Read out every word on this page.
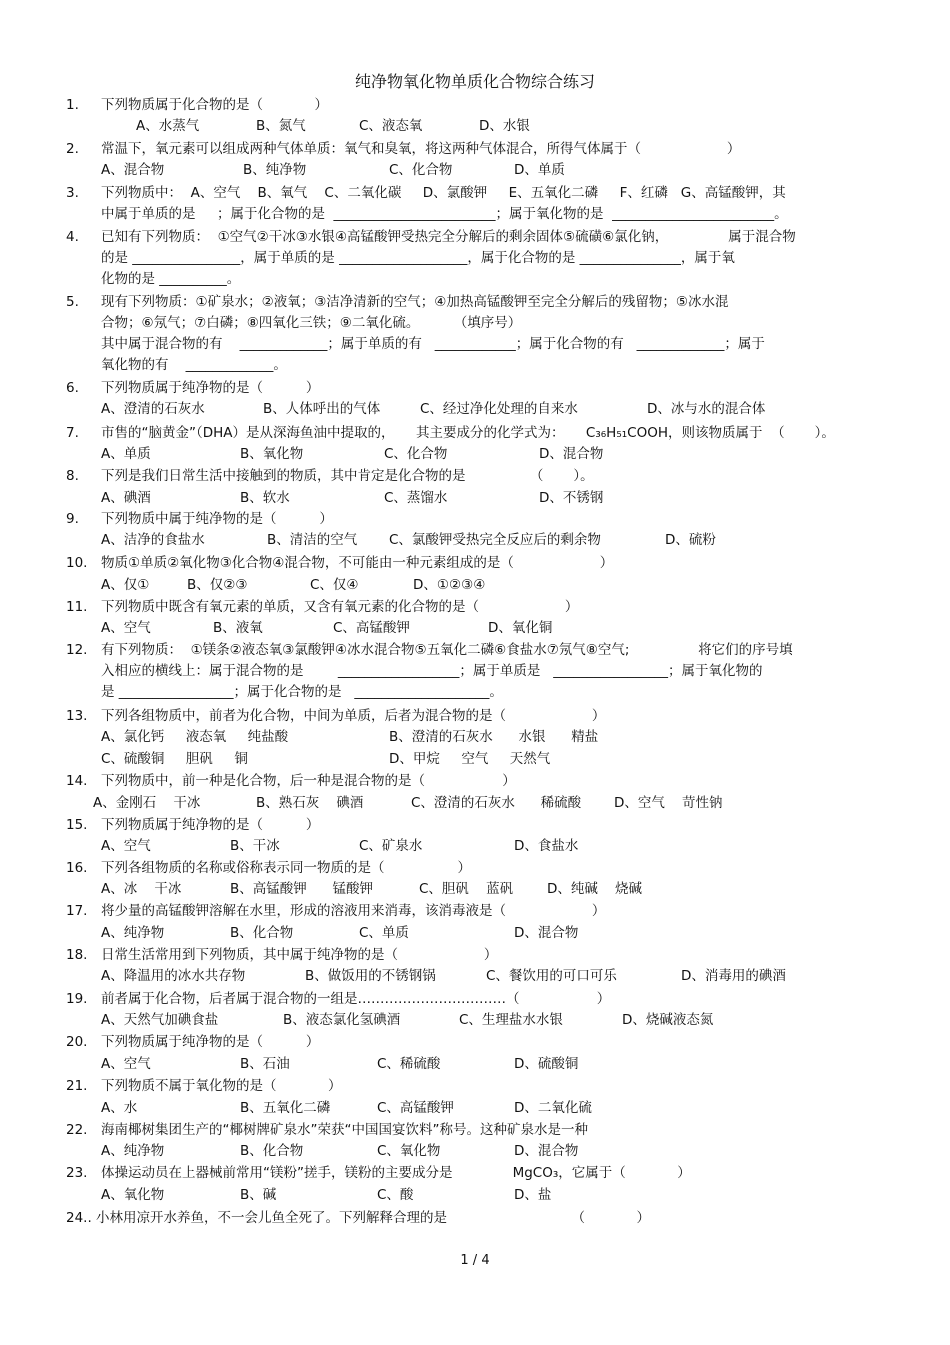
纯净物氧化物单质化合物综合练习

1.

下列物质属于化合物的是（            ）

A、水蒸气

	B、氮气

	C、液态氧

	D、水银

2.

常温下，氧元素可以组成两种气体单质：氧气和臭氧，将这两种气体混合，所得气体属于（                    ）

A、混合物

	B、纯净物

	C、化合物

	D、单质

3.

下列物质中：  A、空气    B、氧气    C、二氧化碳     D、氯酸钾     E、五氧化二磷     F、红磷   G、高锰酸钾，其

中属于单质的是     ；属于化合物的是  ________________________；属于氧化物的是  ________________________。

4.

已知有下列物质：  ①空气②干冰③水银④高锰酸钾受热完全分解后的剩余固体⑤硫磺⑥氯化钠，              属于混合物

的是 ________________，属于单质的是 ___________________，属于化合物的是 _______________，属于氧

化物的是 __________。

5.

现有下列物质：①矿泉水；②液氧；③洁净清新的空气；④加热高锰酸钾至完全分解后的残留物；⑤冰水混

合物；⑥氖气；⑦白磷；⑧四氧化三铁；⑨二氧化硫。        （填序号）

其中属于混合物的有    _____________；属于单质的有   ____________；属于化合物的有   _____________；属于

氧化物的有    _____________。

6.

下列物质属于纯净物的是（          ）

A、澄清的石灰水

	B、人体呼出的气体

	C、经过净化处理的自来水

	D、冰与水的混合体

7.

市售的“脑黄金”（DHA）是从深海鱼油中提取的，     其主要成分的化学式为：     C₃₆H₅₁COOH，则该物质属于  （       ）。

A、单质

	B、氧化物

	C、化合物

	D、混合物

8.

下列是我们日常生活中接触到的物质，其中肯定是化合物的是               （       ）。

A、碘酒

	B、软水

	C、蒸馏水

	D、不锈钢

9.

下列物质中属于纯净物的是（          ）

A、洁净的食盐水

	B、清洁的空气

C、氯酸钾受热完全反应后的剩余物

	D、硫粉

10.

物质①单质②氧化物③化合物④混合物，不可能由一种元素组成的是（                    ）

A、仅①

	B、仅②③

	C、仅④

	D、①②③④

11.

下列物质中既含有氧元素的单质，又含有氧元素的化合物的是（                    ）

A、空气

	B、液氧

	C、高锰酸钾

	D、氧化铜

12.

有下列物质：  ①镁条②液态氧③氯酸钾④冰水混合物⑤五氧化二磷⑥食盐水⑦氖气⑧空气;                将它们的序号填

入相应的横线上：属于混合物的是        __________________；属于单质是   _________________；属于氧化物的

是 _________________；属于化合物的是   ____________________。

13.

下列各组物质中，前者为化合物，中间为单质，后者为混合物的是（                    ）

A、氯化钙     液态氧     纯盐酸

	B、澄清的石灰水      水银      精盐

C、硫酸铜     胆矾     铜

	D、甲烷     空气     天然气

14.

下列物质中，前一种是化合物，后一种是混合物的是（                  ）

A、金刚石    干冰

	B、熟石灰    碘酒

	C、澄清的石灰水      稀硫酸

D、空气    苛性钠

15.

下列物质属于纯净物的是（          ）

A、空气

	B、干冰

	C、矿泉水

	D、食盐水

16.

下列各组物质的名称或俗称表示同一物质的是（                 ）

A、冰    干冰

	B、高锰酸钾      锰酸钾

	C、胆矾    蓝矾

	D、纯碱    烧碱

17.

将少量的高锰酸钾溶解在水里，形成的溶液用来消毒，该消毒液是（                    ）

A、纯净物

	B、化合物

	C、单质

	D、混合物

18.

日常生活常用到下列物质，其中属于纯净物的是（                    ）

A、降温用的冰水共存物

	B、做饭用的不锈钢锅

	C、餐饮用的可口可乐

	D、消毒用的碘酒

19.

前者属于化合物，后者属于混合物的一组是……………………………（                  ）

A、天然气加碘食盐

	B、液态氯化氢碘酒

	C、生理盐水水银

	D、烧碱液态氮

20.

下列物质属于纯净物的是（          ）

A、空气

	B、石油

	C、稀硫酸

	D、硫酸铜

21.

下列物质不属于氧化物的是（            ）

A、水

	B、五氧化二磷

	C、高锰酸钾

	D、二氧化硫

22.

海南椰树集团生产的“椰树牌矿泉水”荣获“中国国宴饮料”称号。这种矿泉水是一种

A、纯净物

	B、化合物

	C、氧化物

	D、混合物

23.

体操运动员在上器械前常用“镁粉”搓手，镁粉的主要成分是              MgCO₃，它属于（            ）

A、氧化物

	B、碱

	C、酸

	D、盐

24.. 小林用凉开水养鱼，不一会儿鱼全死了。下列解释合理的是                             （            ）

1 / 4
